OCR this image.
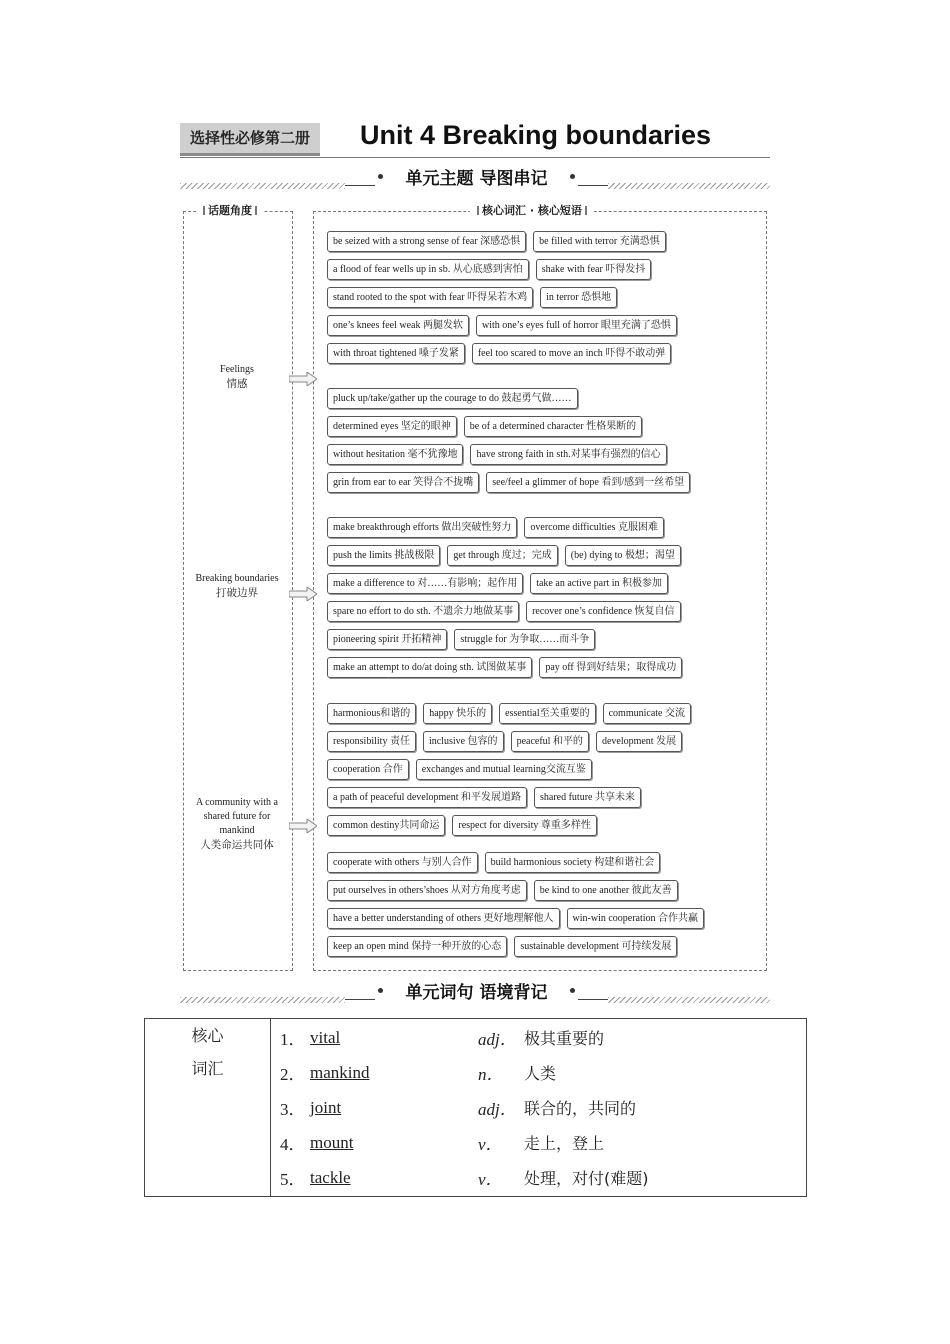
选择性必修第二册	Unit 4 Breaking boundaries
单元主题 导图串记
话题角度	核心词汇 · 核心短语
Feelings
情感
Breaking boundaries
打破边界
A community with a shared future for mankind
人类命运共同体
be seized with a strong sense of fear 深感恐惧	be filled with terror 充满恐惧
a flood of fear wells up in sb. 从心底感到害怕	shake with fear 吓得发抖
stand rooted to the spot with fear 吓得呆若木鸡	in terror 恐惧地
one’s knees feel weak 两腿发软	with one’s eyes full of horror 眼里充满了恐惧
with throat tightened 嗓子发紧	feel too scared to move an inch 吓得不敢动弹
pluck up/take/gather up the courage to do 鼓起勇气做……
determined eyes 坚定的眼神	be of a determined character 性格果断的
without hesitation 毫不犹豫地	have strong faith in sth.对某事有强烈的信心
grin from ear to ear 笑得合不拢嘴	see/feel a glimmer of hope 看到/感到一丝希望
make breakthrough efforts 做出突破性努力	overcome difficulties 克服困难
push the limits 挑战极限	get through 度过；完成	(be) dying to 极想；渴望
make a difference to 对……有影响；起作用	take an active part in 积极参加
spare no effort to do sth. 不遗余力地做某事	recover one’s confidence 恢复自信
pioneering spirit 开拓精神	struggle for 为争取……而斗争
make an attempt to do/at doing sth. 试图做某事	pay off 得到好结果；取得成功
harmonious和谐的	happy 快乐的	essential至关重要的	communicate 交流
responsibility 责任	inclusive 包容的	peaceful 和平的	development 发展
cooperation 合作	exchanges and mutual learning交流互鉴
a path of peaceful development 和平发展道路	shared future 共享未来
common destiny共同命运	respect for diversity 尊重多样性
cooperate with others 与别人合作	build harmonious society 构建和谐社会
put ourselves in others’shoes 从对方角度考虑	be kind to one another 彼此友善
have a better understanding of others 更好地理解他人	win-win cooperation 合作共赢
keep an open mind 保持一种开放的心态	sustainable development 可持续发展
单元词句 语境背记
核心
词汇

1． vital	adj． 极其重要的
2． mankind	n．	人类
3． joint	adj． 联合的，共同的
4． mount	v．	走上，登上
5． tackle	v．	处理，对付(难题)
